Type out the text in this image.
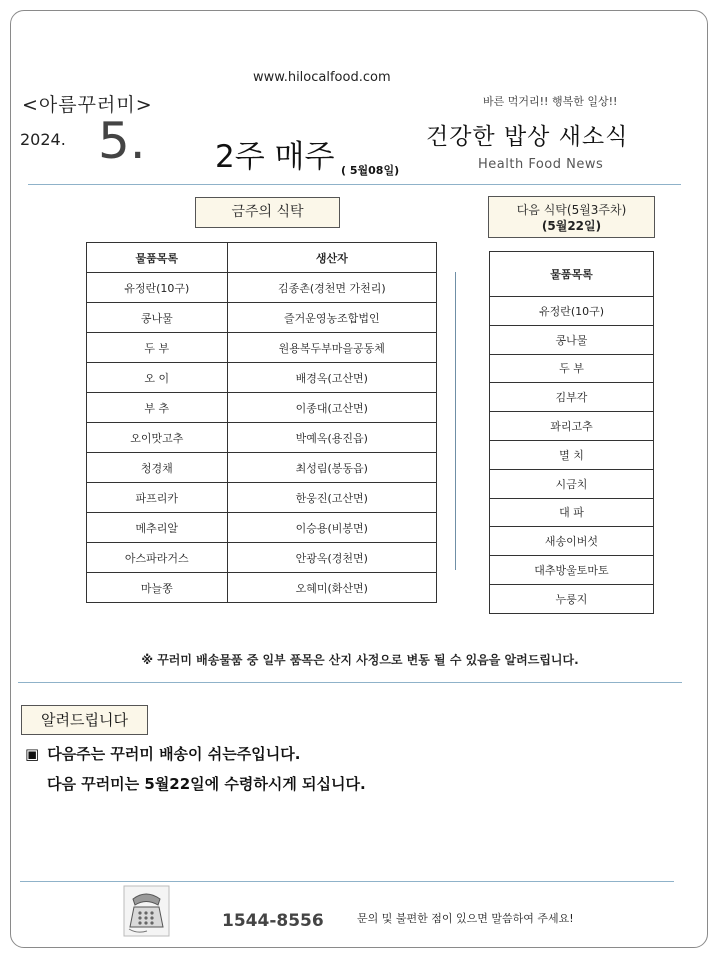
www.hilocalfood.com
<아름꾸러미>	바른 먹거리!! 행복한 일상!!
2024. 5. 2주 매주 ( 5월08일)
건강한 밥상 새소식
Health Food News
금주의 식탁
물품목록	생산자
유정란(10구)	김종촌(경천면 가천리)
콩나물	즐거운영농조합법인
두 부	원용복두부마을공동체
오 이	배경옥(고산면)
부 추	이종대(고산면)
오이맛고추	박예옥(용진읍)
청경채	최성림(봉동읍)
파프리카	한웅진(고산면)
메추리알	이승용(비봉면)
아스파라거스	안광옥(경천면)
마늘쫑	오혜미(화산면)
다음 식탁(5월3주차)
(5월22일)
물품목록
유정란(10구)
콩나물
두 부
김부각
꽈리고추
멸 치
시금치
대 파
새송이버섯
대추방울토마토
누룽지
※ 꾸러미 배송물품 중 일부 품목은 산지 사정으로 변동 될 수 있음을 알려드립니다.
알려드립니다
▣ 다음주는 꾸러미 배송이 쉬는주입니다.
다음 꾸러미는 5월22일에 수령하시게 되십니다.
1544-8556	문의 및 불편한 점이 있으면 말씀하여 주세요!
